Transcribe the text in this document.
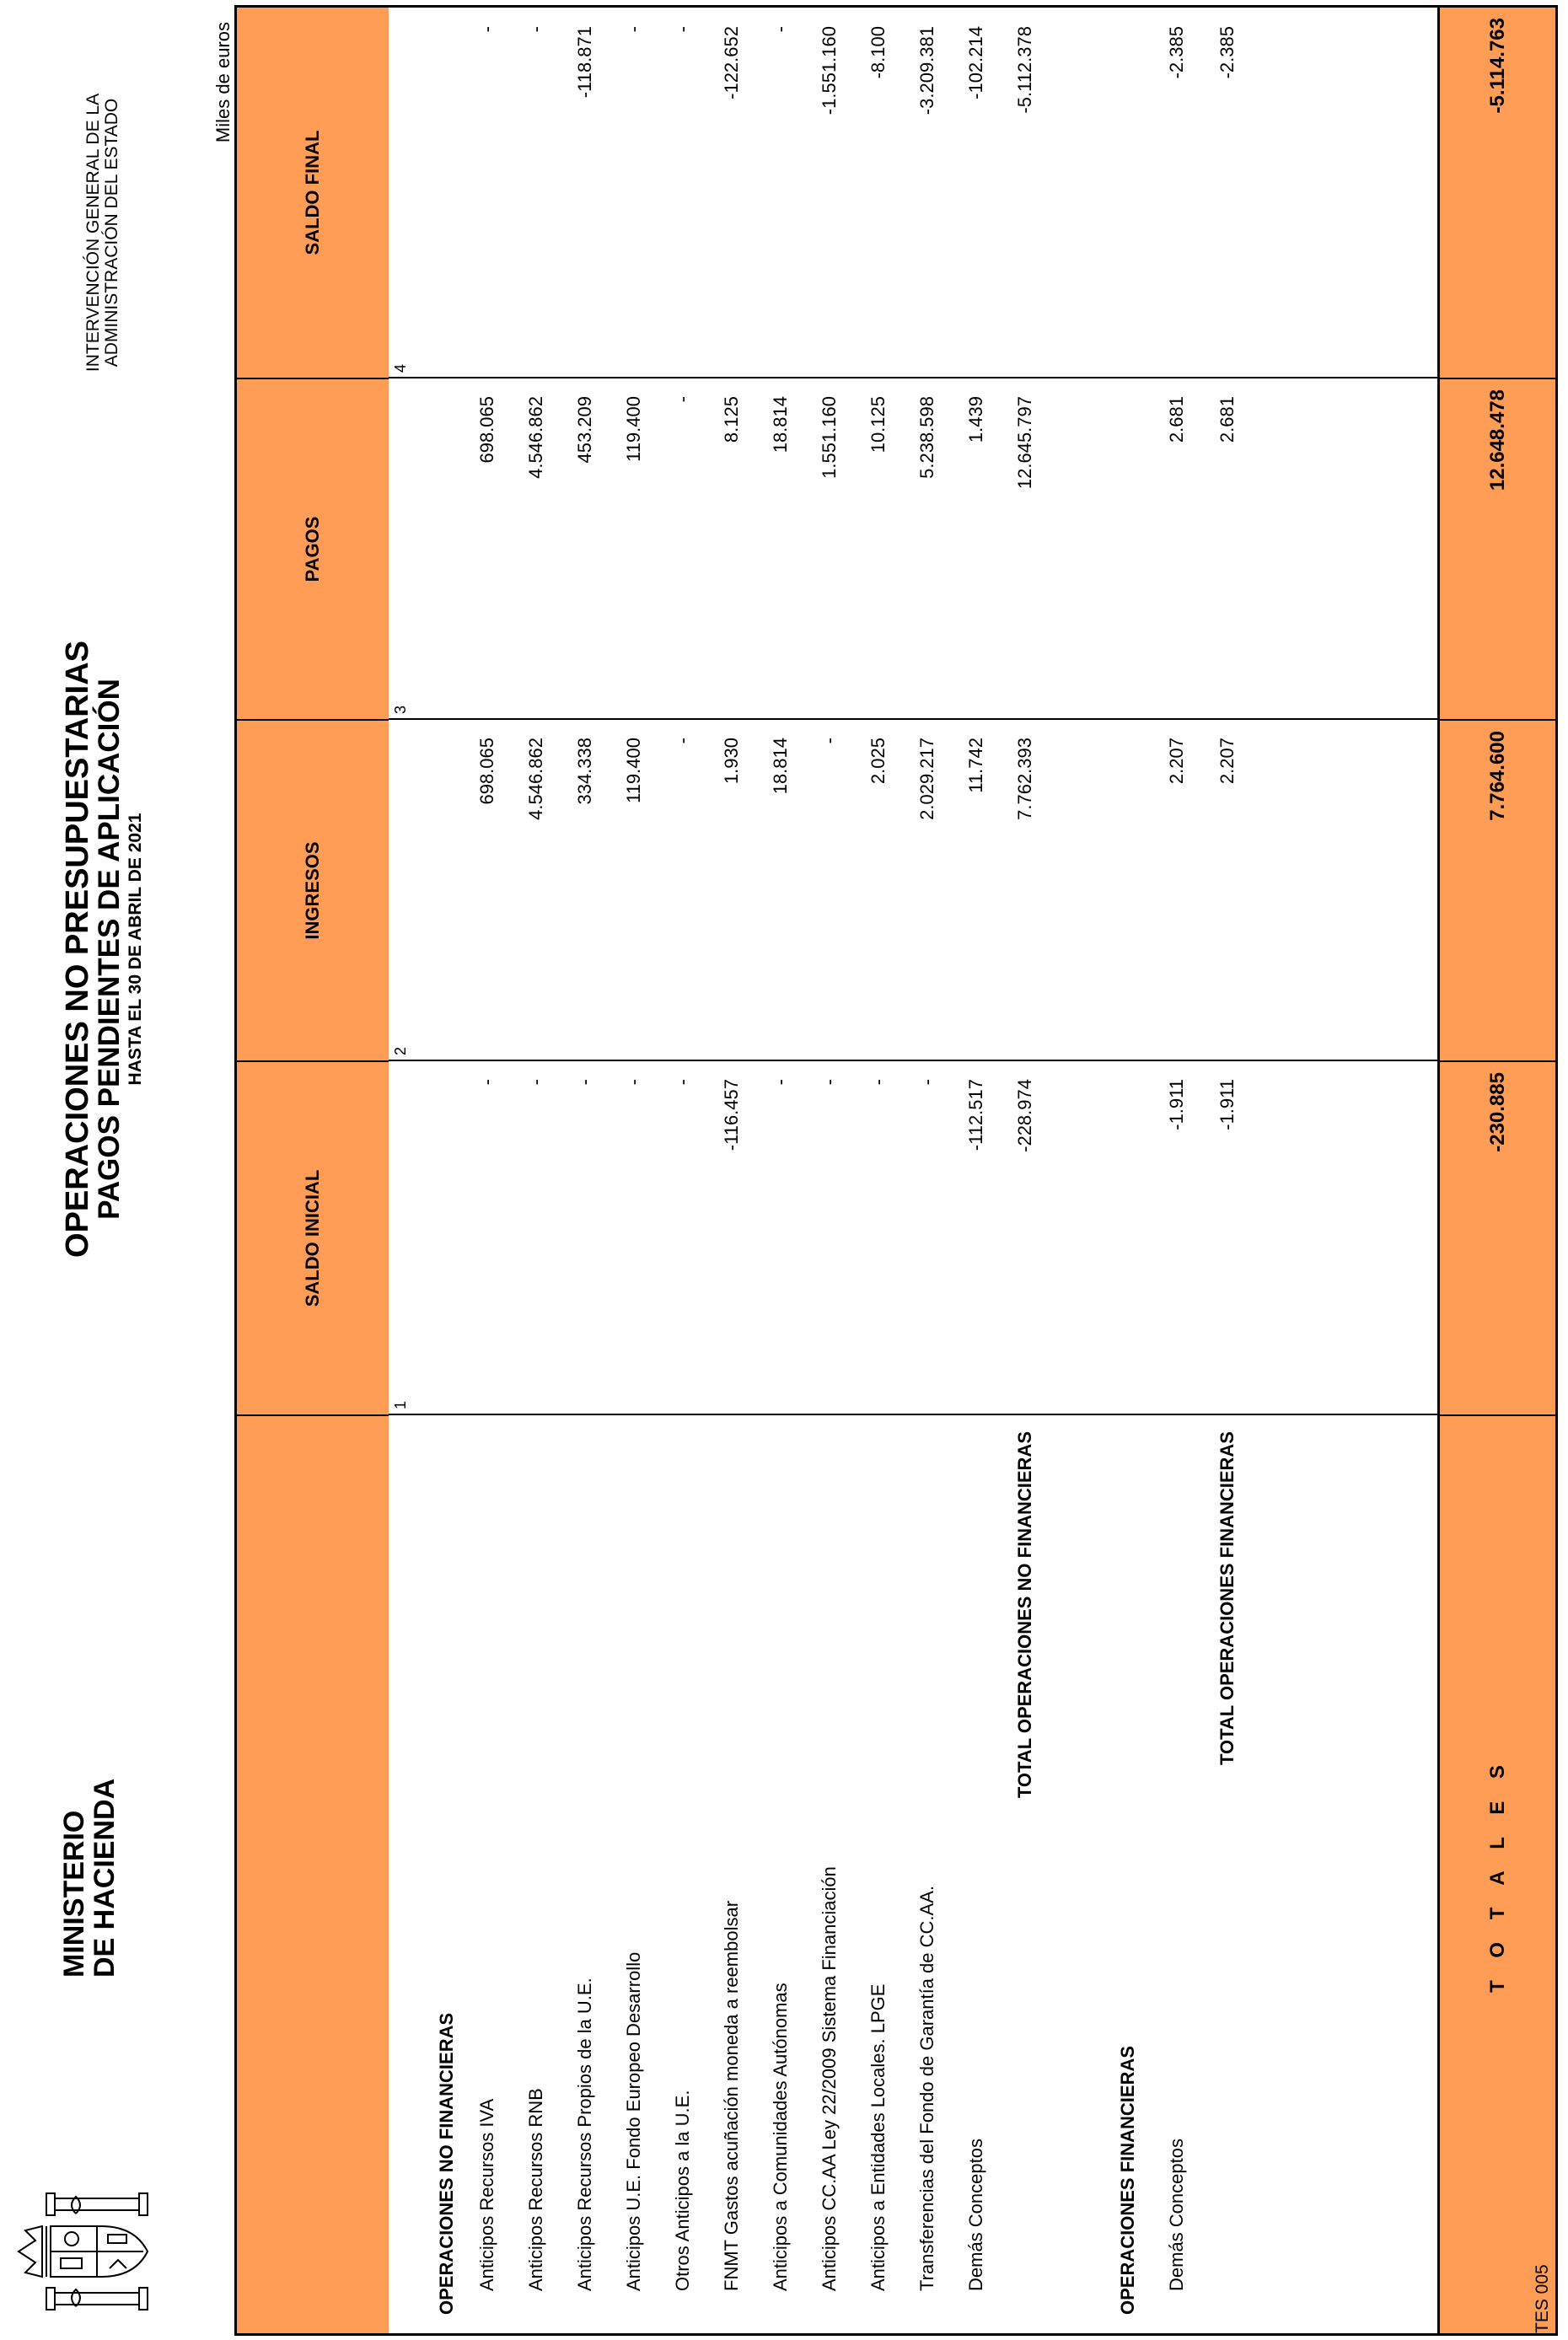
MINISTERIO
DE HACIENDA
OPERACIONES NO PRESUPUESTARIAS
PAGOS PENDIENTES DE APLICACIÓN HASTA EL 30 DE ABRIL DE 2021
INTERVENCIÓN GENERAL DE LA ADMINISTRACIÓN DEL ESTADO
Miles de euros
SALDO INICIAL
INGRESOS
PAGOS
SALDO FINAL
1
2
3
4
OPERACIONES NO FINANCIERAS Anticipos Recursos IVA
-
698.065
698.065
-
Anticipos Recursos RNB
-
4.546.862
4.546.862
-
Anticipos Recursos Propios de la U.E.
-
334.338
453.209
-118.871
Anticipos U.E. Fondo Europeo Desarrollo
-
119.400
119.400
-
Otros Anticipos a la U.E.
-
-
-
-
FNMT Gastos acuñación moneda a reembolsar
-116.457
1.930
8.125
-122.652
Anticipos a Comunidades Autónomas
-
18.814
18.814
-
Anticipos CC.AA Ley 22/2009 Sistema Financiación
-
-
1.551.160
-1.551.160
Anticipos a Entidades Locales. LPGE
-
2.025
10.125
-8.100
Transferencias del Fondo de Garantía de CC.AA.
-
2.029.217
5.238.598
-3.209.381
Demás Conceptos
-112.517
11.742
1.439
-102.214
TOTAL OPERACIONES NO FINANCIERAS
-228.974
7.762.393
12.645.797
-5.112.378
OPERACIONES FINANCIERAS Demás Conceptos
-1.911
2.207
2.681
-2.385
TOTAL OPERACIONES FINANCIERAS
-1.911
2.207
2.681
-2.385
T O T A L E S
-230.885
7.764.600
12.648.478
-5.114.763
TES 005
